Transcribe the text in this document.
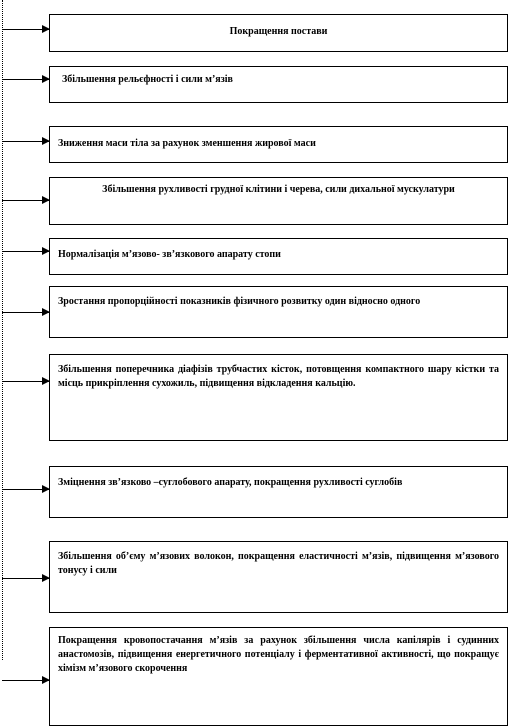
Покращення постави
Збільшення рельєфності і сили м’язів
Зниження маси тіла за рахунок зменшення жирової маси
Збільшення рухливості грудної клітини і черева, сили дихальної мускулатури
Нормалізація м’язово- зв’язкового апарату стопи
Зростання пропорційності показників фізичного розвитку один відносно одного
Збільшення поперечника діафізів трубчастих кісток, потовщення компактного шару кістки та місць прикріплення сухожиль, підвищення відкладення кальцію.
Зміцнення зв’язково –суглобового апарату, покращення рухливості суглобів
Збільшення об’єму м’язових волокон, покращення еластичності м’язів, підвищення м’язового тонусу і сили
Покращення кровопостачання м’язів за рахунок збільшення числа капілярів і судинних анастомозів, підвищення енергетичного потенціалу і ферментативної активності, що покращує хімізм м’язового скорочення
